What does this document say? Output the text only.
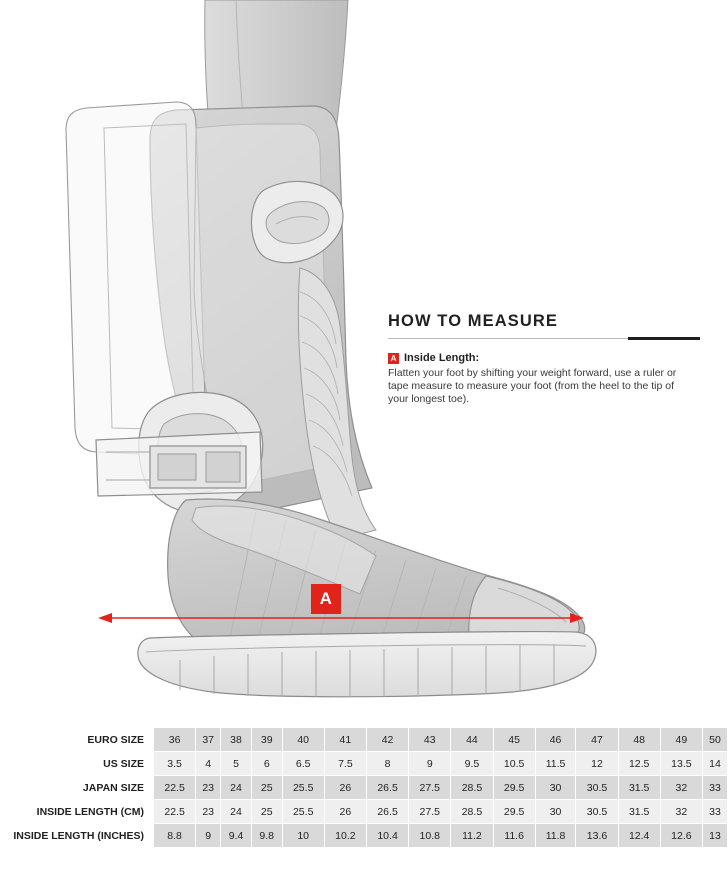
A
HOW TO MEASURE
A Inside Length:

Flatten your foot by shifting your weight forward, use a ruler or tape measure to measure your foot (from the heel to the tip of your longest toe).

EURO SIZE	36	37	38	39	40	41	42	43	44	45	46	47	48	49	50
US SIZE	3.5	4	5	6	6.5	7.5	8	9	9.5	10.5	11.5	12	12.5	13.5	14
JAPAN SIZE	22.5	23	24	25	25.5	26	26.5	27.5	28.5	29.5	30	30.5	31.5	32	33
INSIDE LENGTH (CM)	22.5	23	24	25	25.5	26	26.5	27.5	28.5	29.5	30	30.5	31.5	32	33
INSIDE LENGTH (INCHES)	8.8	9	9.4	9.8	10	10.2	10.4	10.8	11.2	11.6	11.8	13.6	12.4	12.6	13
